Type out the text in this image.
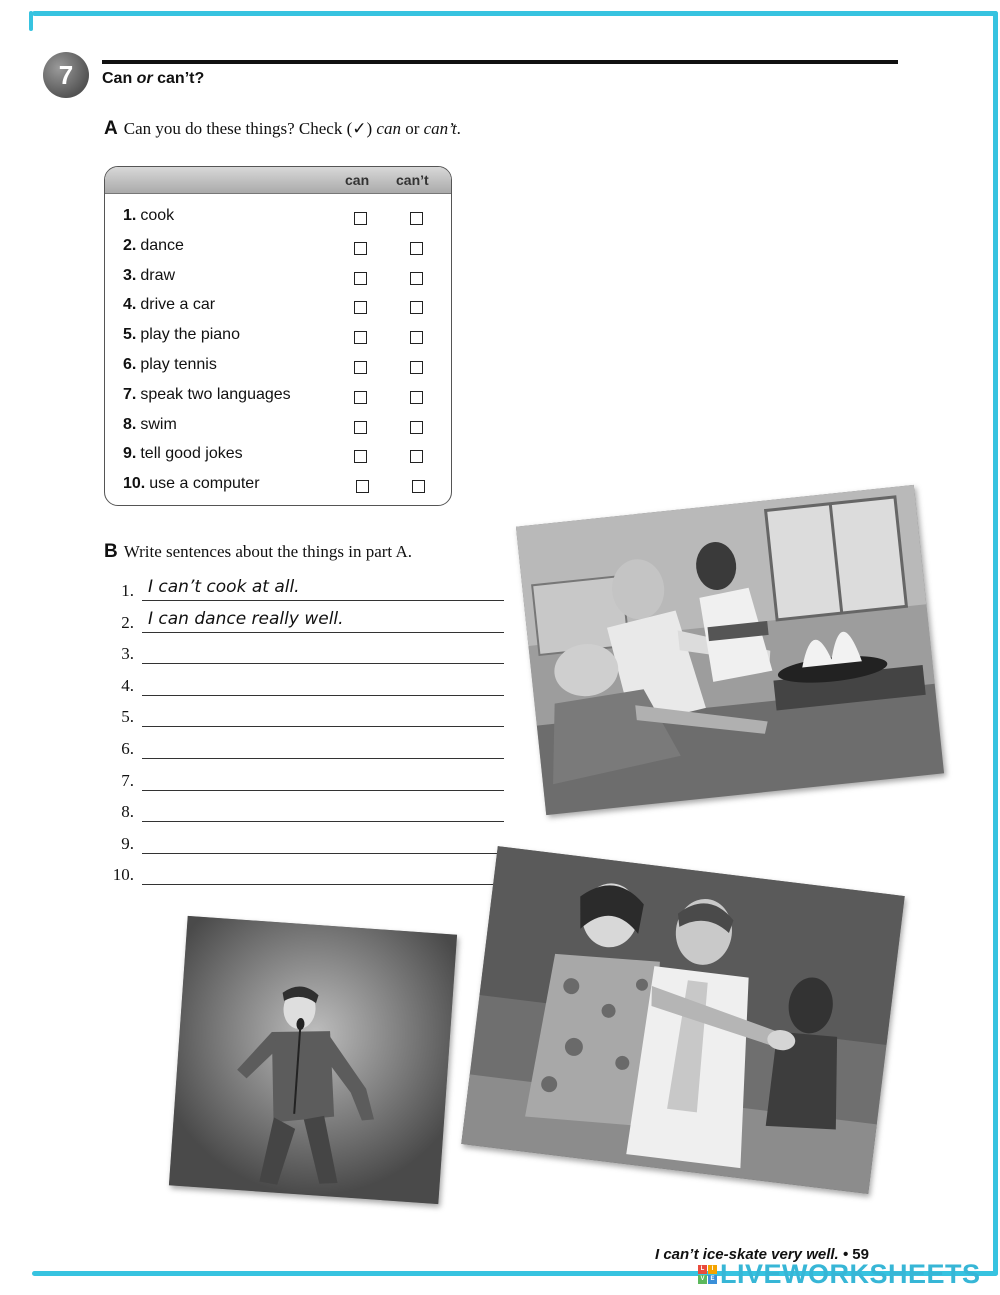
7 Can or can’t?
A Can you do these things? Check (✓) can or can’t.
can can’t
1. cook
2. dance
3. draw
4. drive a car
5. play the piano
6. play tennis
7. speak two languages
8. swim
9. tell good jokes
10. use a computer
B Write sentences about the things in part A.
1. I can’t cook at all.
2. I can dance really well.
3.
4.
5.
6.
7.
8.
9.
10.
I can’t ice-skate very well. • 59
L	I
V E LIVEWORKSHEETS
